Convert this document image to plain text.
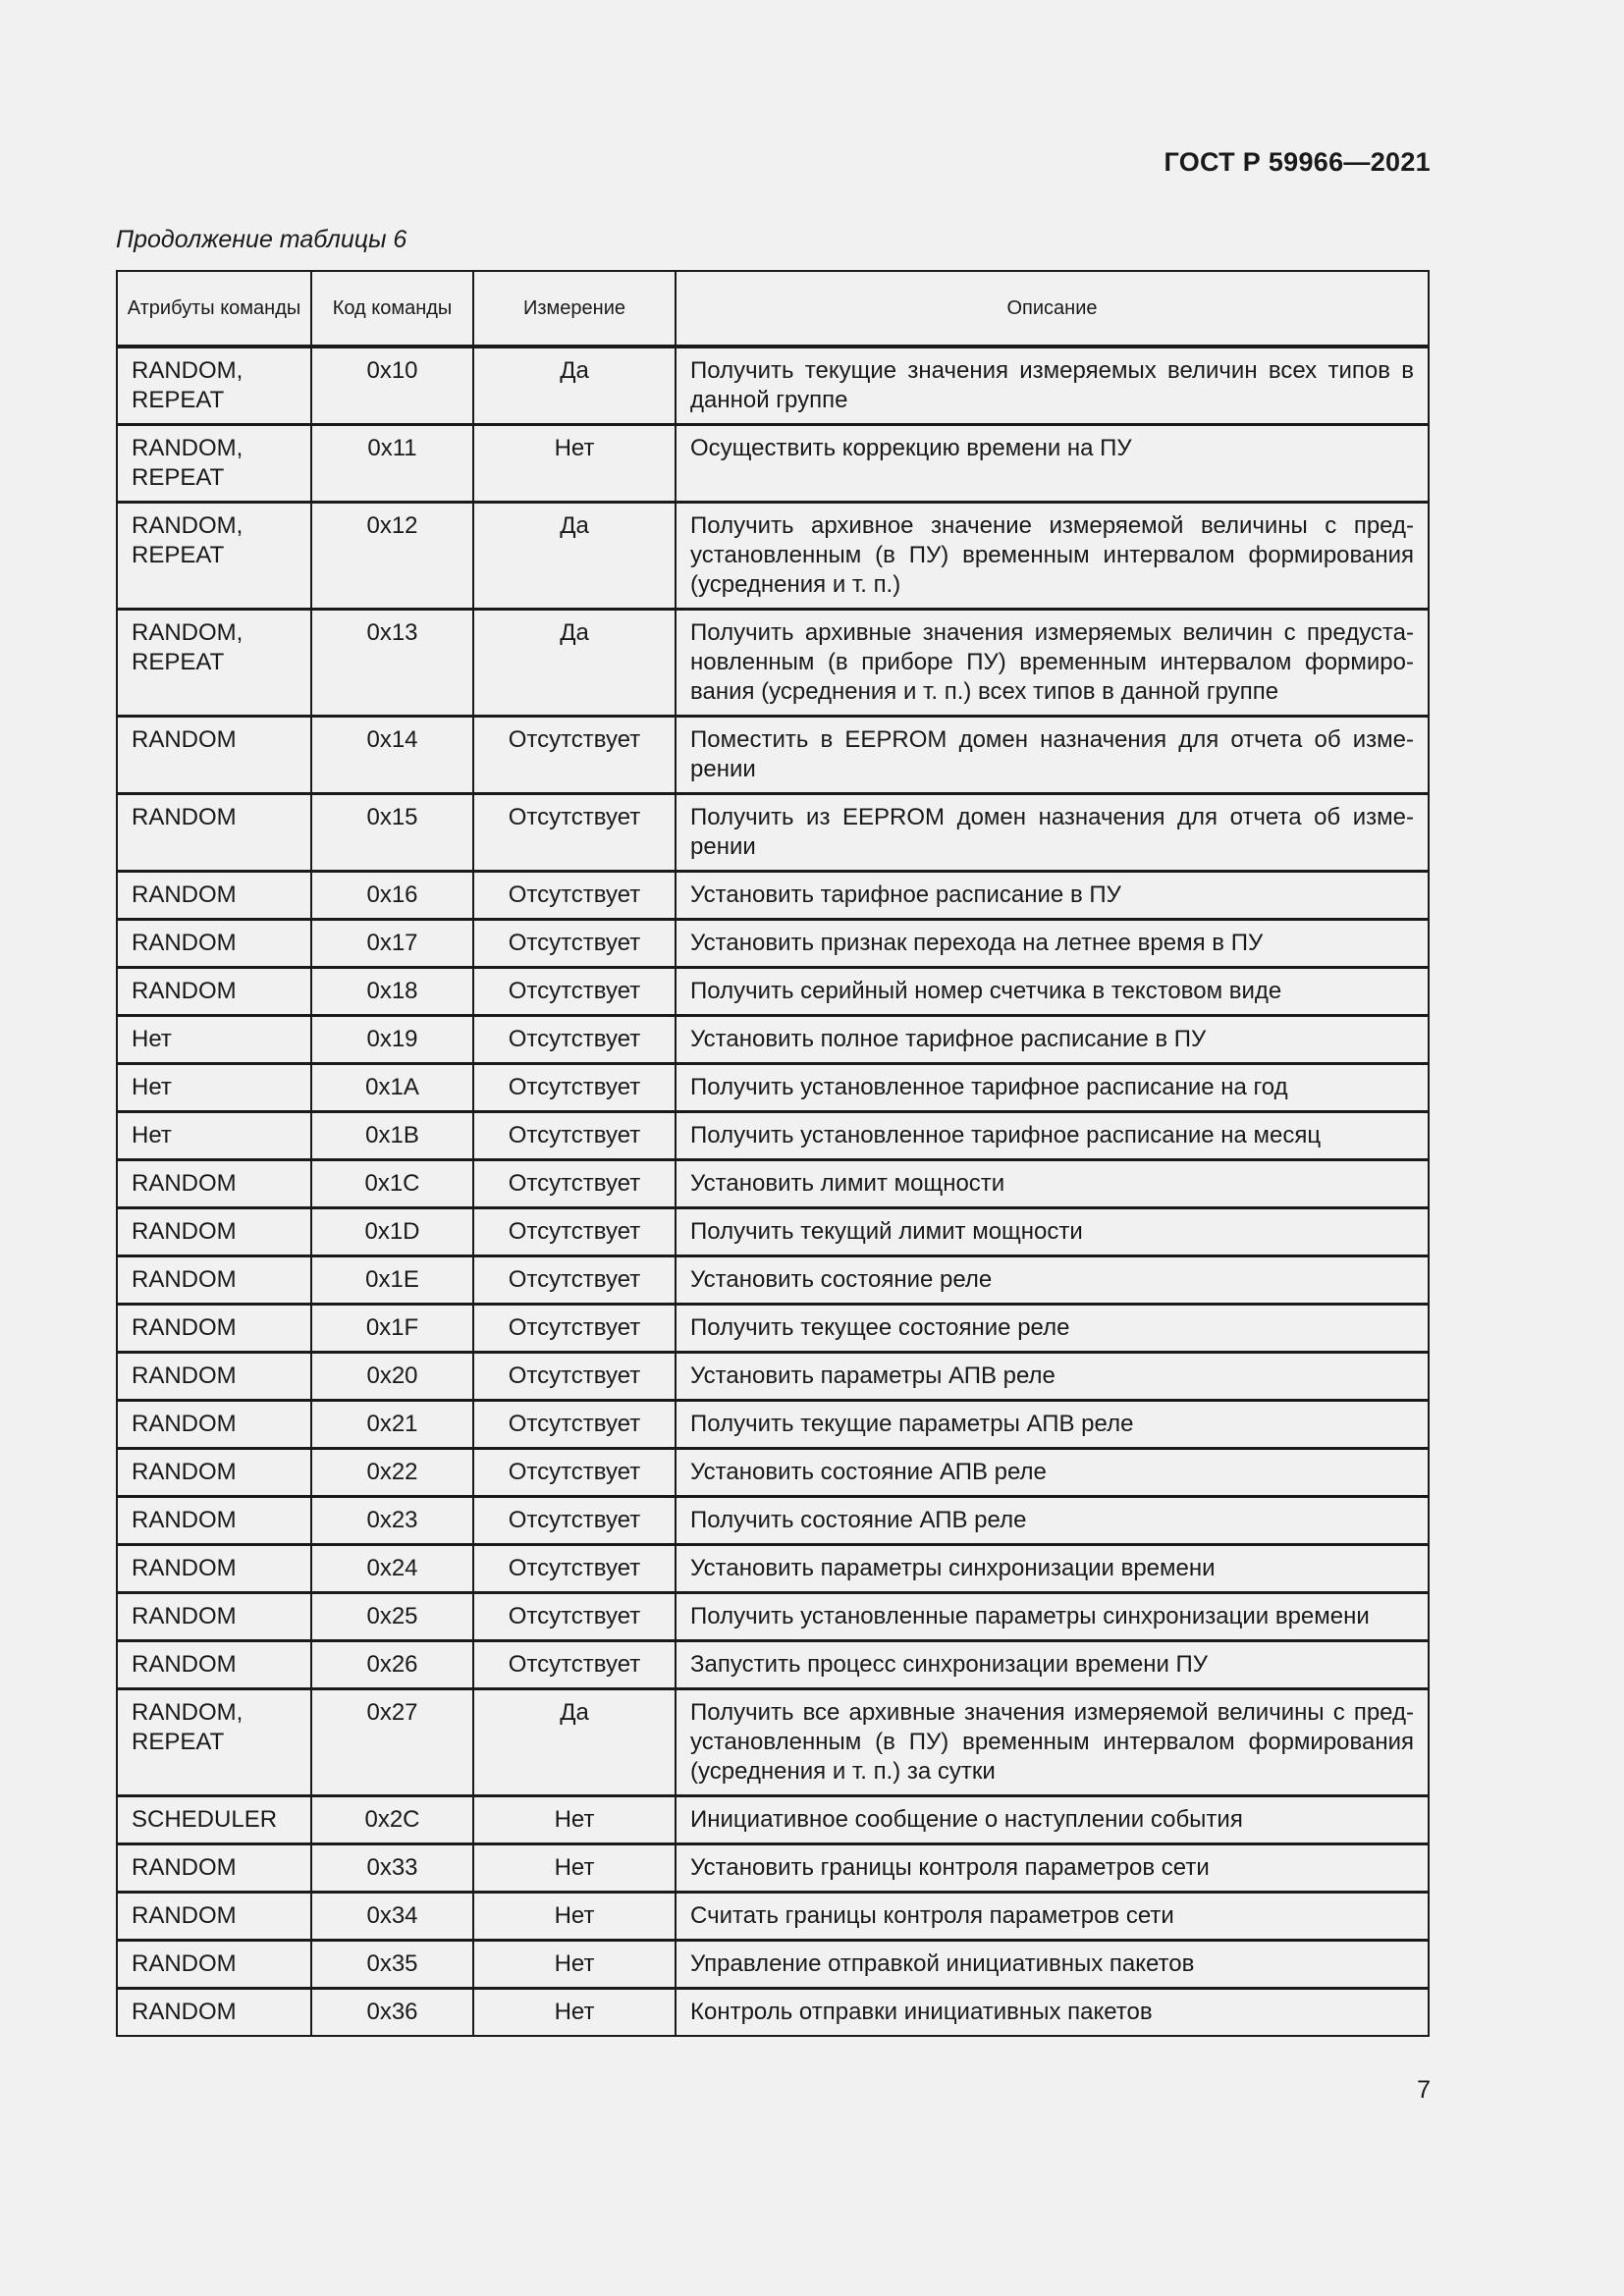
ГОСТ Р 59966—2021
Продолжение таблицы 6
Атрибуты команды	Код команды	Измерение	Описание
RANDOM, REPEAT	0x10	Да	Получить текущие значения измеряемых величин всех типов в данной группе
RANDOM, REPEAT	0x11	Нет	Осуществить коррекцию времени на ПУ
RANDOM, REPEAT	0x12	Да	Получить архивное значение измеряемой величины с предустановленным (в ПУ) временным интервалом формирования (усреднения и т. п.)
RANDOM, REPEAT	0x13	Да	Получить архивные значения измеряемых величин с предустановленным (в приборе ПУ) временным интервалом формирования (усреднения и т. п.) всех типов в данной группе
RANDOM	0x14	Отсутствует	Поместить в EEPROM домен назначения для отчета об измерении
RANDOM	0x15	Отсутствует	Получить из EEPROM домен назначения для отчета об измерении
RANDOM	0x16	Отсутствует	Установить тарифное расписание в ПУ
RANDOM	0x17	Отсутствует	Установить признак перехода на летнее время в ПУ
RANDOM	0x18	Отсутствует	Получить серийный номер счетчика в текстовом виде
Нет	0x19	Отсутствует	Установить полное тарифное расписание в ПУ
Нет	0x1A	Отсутствует	Получить установленное тарифное расписание на год
Нет	0x1B	Отсутствует	Получить установленное тарифное расписание на месяц
RANDOM	0x1C	Отсутствует	Установить лимит мощности
RANDOM	0x1D	Отсутствует	Получить текущий лимит мощности
RANDOM	0x1E	Отсутствует	Установить состояние реле
RANDOM	0x1F	Отсутствует	Получить текущее состояние реле
RANDOM	0x20	Отсутствует	Установить параметры АПВ реле
RANDOM	0x21	Отсутствует	Получить текущие параметры АПВ реле
RANDOM	0x22	Отсутствует	Установить состояние АПВ реле
RANDOM	0x23	Отсутствует	Получить состояние АПВ реле
RANDOM	0x24	Отсутствует	Установить параметры синхронизации времени
RANDOM	0x25	Отсутствует	Получить установленные параметры синхронизации времени
RANDOM	0x26	Отсутствует	Запустить процесс синхронизации времени ПУ
RANDOM, REPEAT	0x27	Да	Получить все архивные значения измеряемой величины с предустановленным (в ПУ) временным интервалом формирования (усреднения и т. п.) за сутки
SCHEDULER	0x2C	Нет	Инициативное сообщение о наступлении события
RANDOM	0x33	Нет	Установить границы контроля параметров сети
RANDOM	0x34	Нет	Считать границы контроля параметров сети
RANDOM	0x35	Нет	Управление отправкой инициативных пакетов
RANDOM	0x36	Нет	Контроль отправки инициативных пакетов
7
